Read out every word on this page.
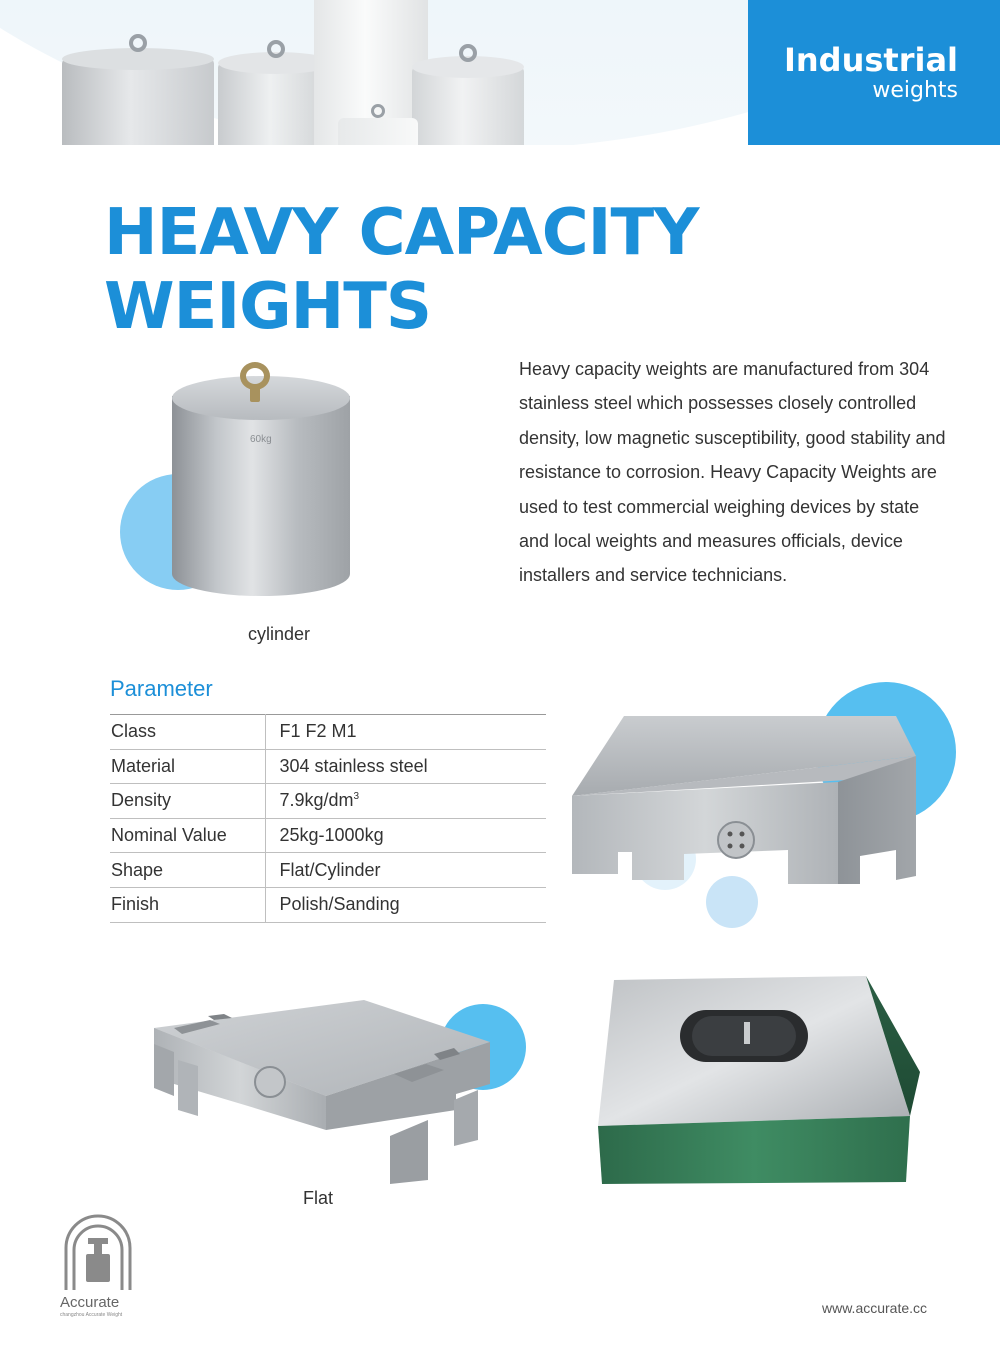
Industrial
weights
HEAVY CAPACITY
WEIGHTS
Heavy capacity weights are manufactured from 304 stainless steel which possesses closely controlled density, low magnetic susceptibility, good stability and resistance to corrosion. Heavy Capacity Weights are used to test commercial weighing devices by state and local weights and measures officials, device installers and service technicians.
60kg
cylinder
Parameter
Class	F1 F2 M1
Material	304 stainless steel
Density	$7.9kg/dm^3$
Nominal Value	25kg-1000kg
Shape	Flat/Cylinder
Finish	Polish/Sanding
Flat
Accurate
changzhou Accurate Weight	www.accurate.cc
